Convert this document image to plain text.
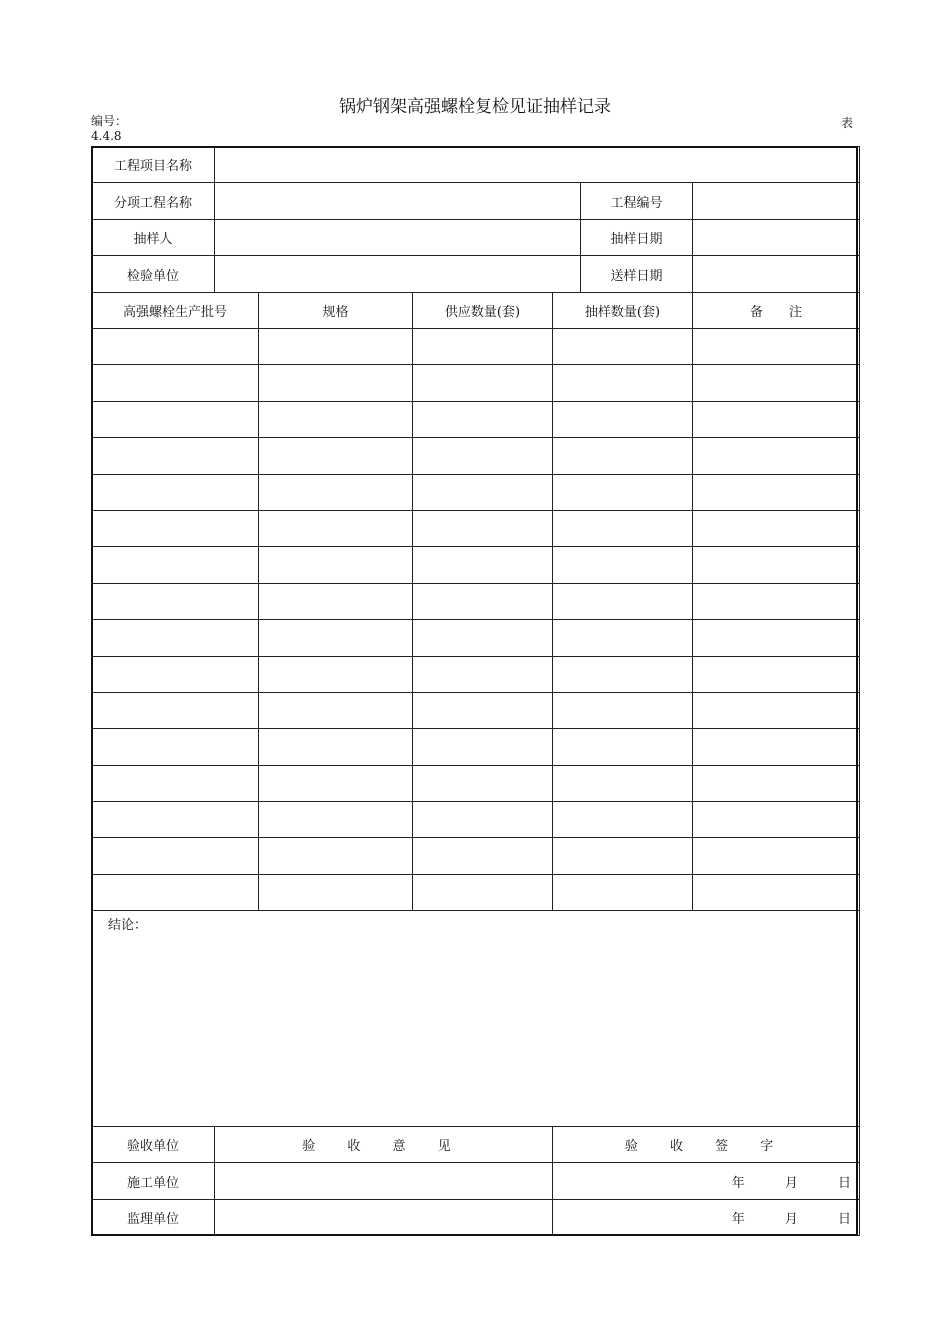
锅炉钢架高强螺栓复检见证抽样记录
编号：
4.4.8
表
工程项目名称						
分项工程名称					工程编号	
抽样人					抽样日期	
检验单位					送样日期	
高强螺栓生产批号		规格	供应数量(套)	抽样数量(套)		备　　注

验收单位	验 收 意 见			验 收 签 字		
施工单位				年 月 日		
监理单位				年 月 日		
结论：
